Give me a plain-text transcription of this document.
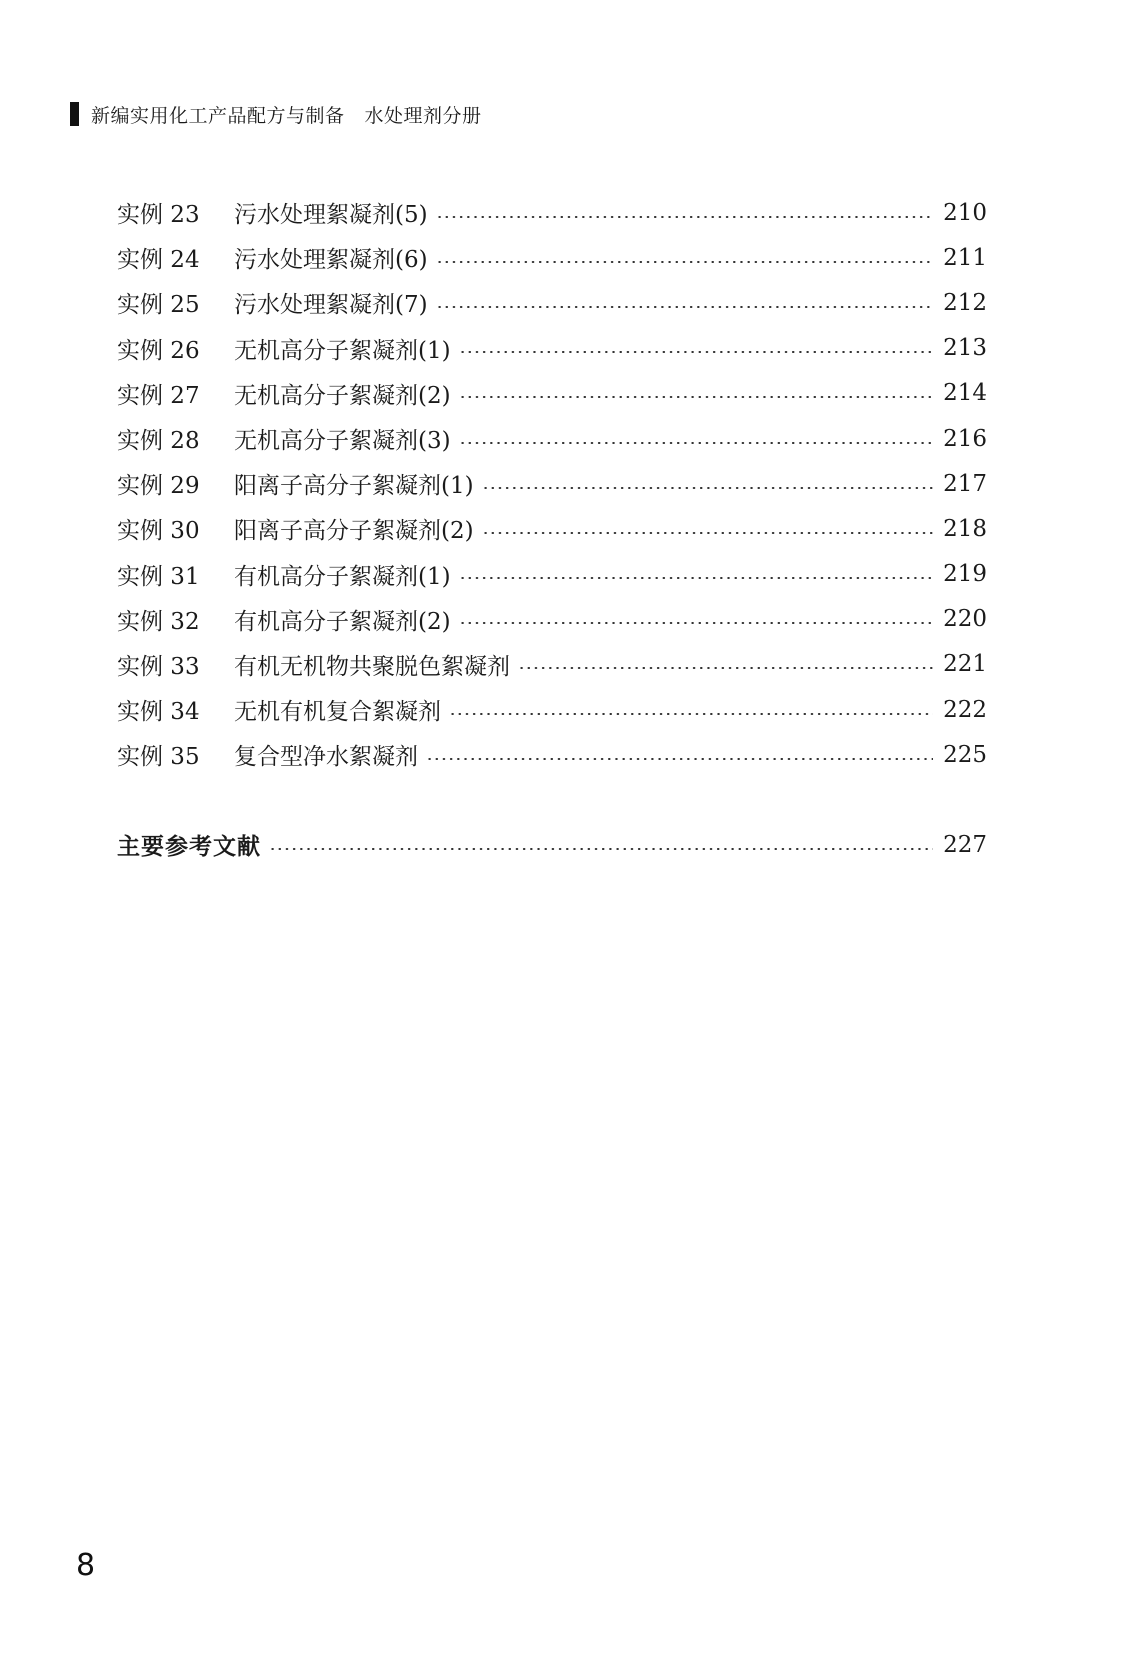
新编实用化工产品配方与制备 水处理剂分册
实例 23	污水处理絮凝剂(5)	210
实例 24	污水处理絮凝剂(6)	211
实例 25	污水处理絮凝剂(7)	212
实例 26	无机高分子絮凝剂(1)	213
实例 27	无机高分子絮凝剂(2)	214
实例 28	无机高分子絮凝剂(3)	216
实例 29	阳离子高分子絮凝剂(1)	217
实例 30	阳离子高分子絮凝剂(2)	218
实例 31	有机高分子絮凝剂(1)	219
实例 32	有机高分子絮凝剂(2)	220
实例 33	有机无机物共聚脱色絮凝剂	221
实例 34	无机有机复合絮凝剂	222
实例 35	复合型净水絮凝剂	225
主要参考文献	227
8
